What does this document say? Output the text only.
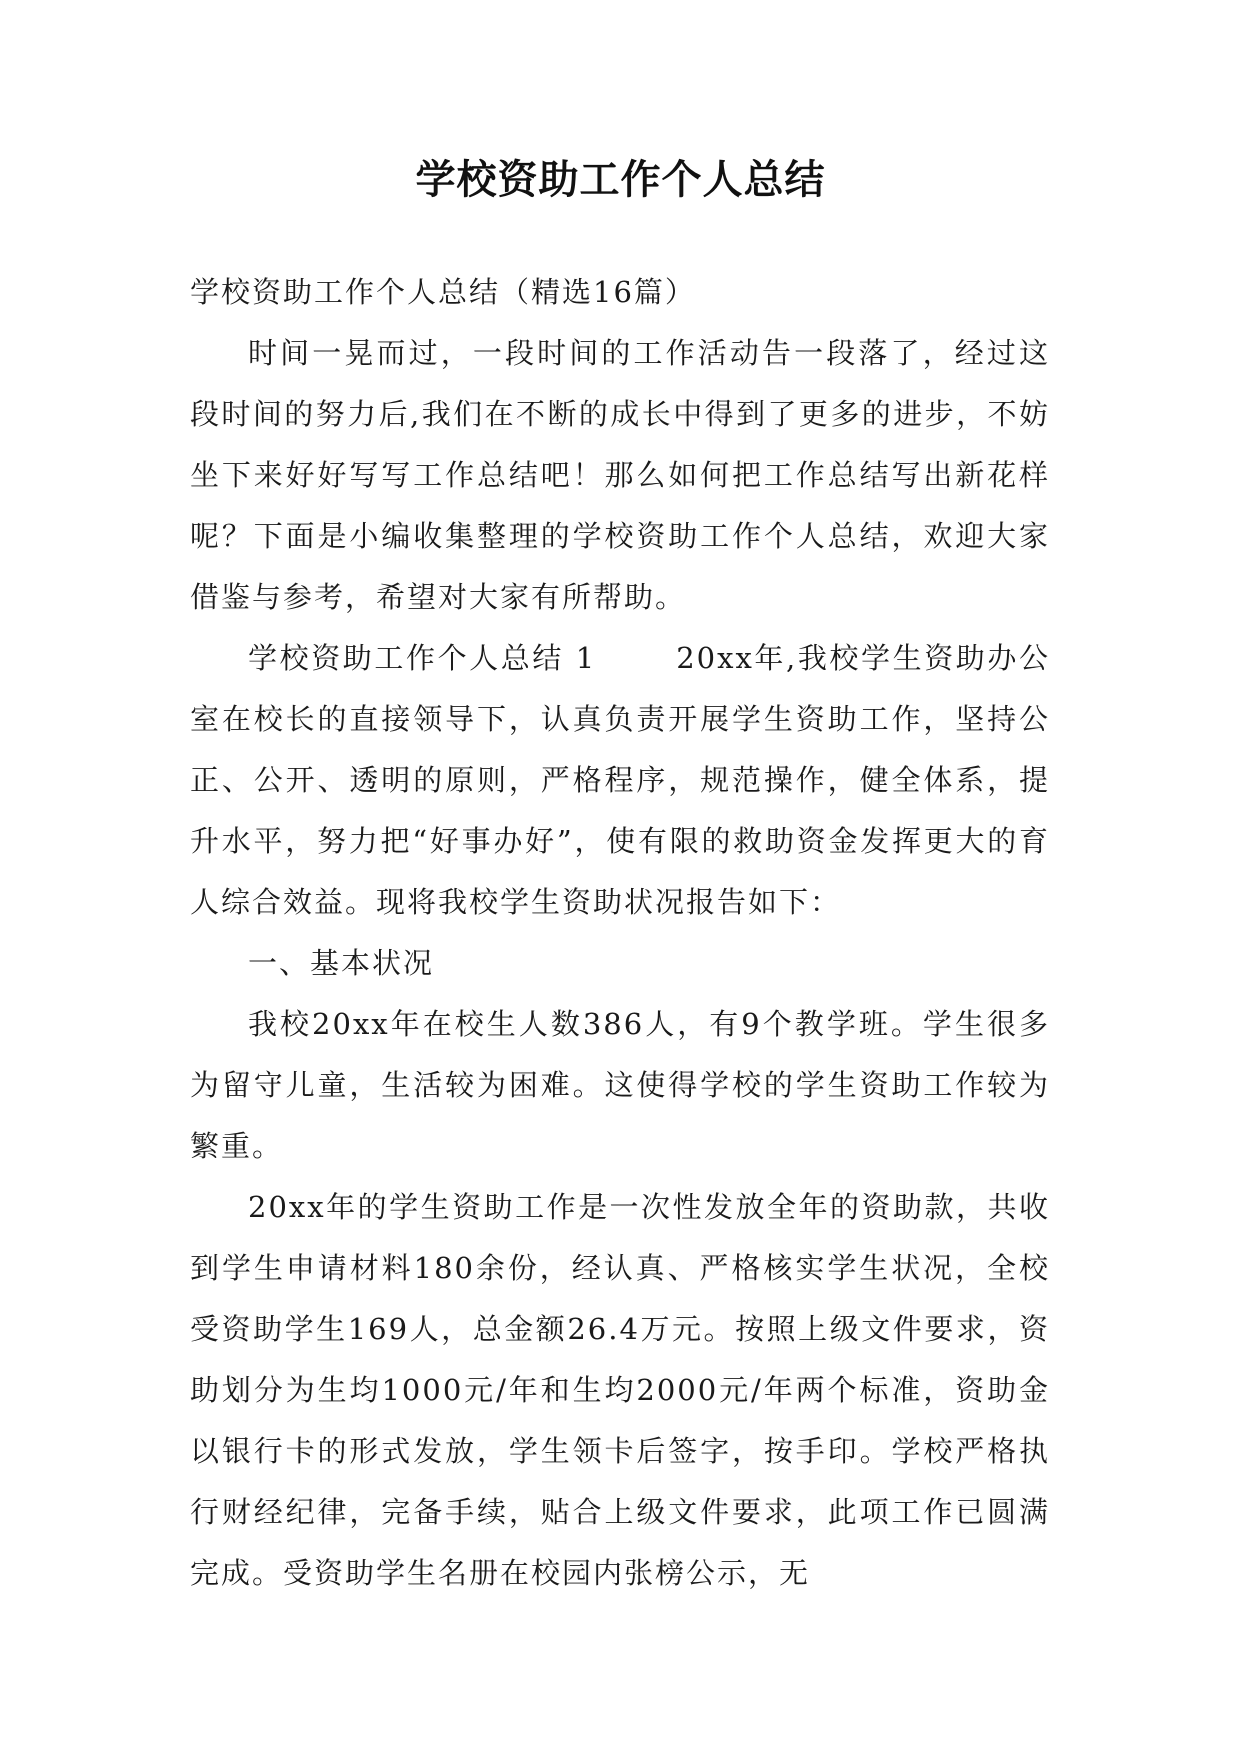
学校资助工作个人总结

学校资助工作个人总结（精选16篇）

时间一晃而过，一段时间的工作活动告一段落了，经过这段时间的努力后,我们在不断的成长中得到了更多的进步，不妨坐下来好好写写工作总结吧！那么如何把工作总结写出新花样呢？下面是小编收集整理的学校资助工作个人总结，欢迎大家借鉴与参考，希望对大家有所帮助。

学校资助工作个人总结 1	20xx年,我校学生资助办公室在校长的直接领导下，认真负责开展学生资助工作，坚持公正、公开、透明的原则，严格程序，规范操作，健全体系，提升水平，努力把“好事办好”，使有限的救助资金发挥更大的育人综合效益。现将我校学生资助状况报告如下：

一、基本状况

我校20xx年在校生人数386人，有9个教学班。学生很多为留守儿童，生活较为困难。这使得学校的学生资助工作较为繁重。

20xx年的学生资助工作是一次性发放全年的资助款，共收到学生申请材料180余份，经认真、严格核实学生状况，全校受资助学生169人，总金额26.4万元。按照上级文件要求，资助划分为生均1000元/年和生均2000元/年两个标准，资助金以银行卡的形式发放，学生领卡后签字，按手印。学校严格执行财经纪律，完备手续，贴合上级文件要求，此项工作已圆满完成。受资助学生名册在校园内张榜公示，无
